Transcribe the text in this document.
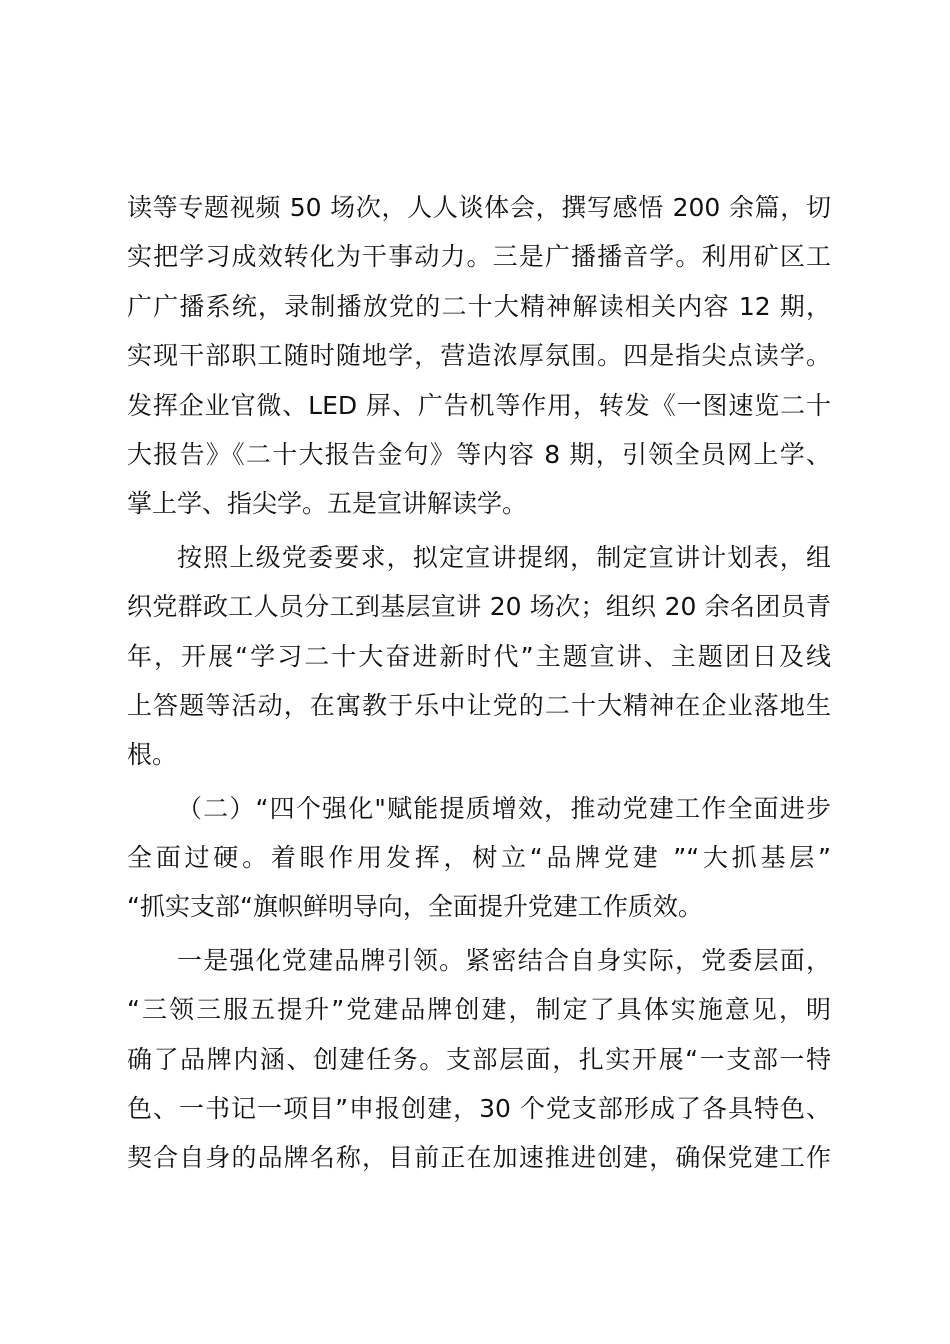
读等专题视频 50 场次，人人谈体会，撰写感悟 200 余篇，切
实把学习成效转化为干事动力。三是广播播音学。利用矿区工
广广播系统，录制播放党的二十大精神解读相关内容 12 期，
实现干部职工随时随地学，营造浓厚氛围。四是指尖点读学。
发挥企业官微、LED 屏、广告机等作用，转发《一图速览二十
大报告》《二十大报告金句》等内容 8 期，引领全员网上学、
掌上学、指尖学。五是宣讲解读学。
按照上级党委要求，拟定宣讲提纲，制定宣讲计划表，组
织党群政工人员分工到基层宣讲 20 场次；组织 20 余名团员青
年，开展“学习二十大奋进新时代”主题宣讲、主题团日及线
上答题等活动，在寓教于乐中让党的二十大精神在企业落地生
根。
（二）“四个强化"赋能提质增效，推动党建工作全面进步
全面过硬。着眼作用发挥，树立“品牌党建 ”“大抓基层”
“抓实支部“旗帜鲜明导向，全面提升党建工作质效。
一是强化党建品牌引领。紧密结合自身实际，党委层面，
“三领三服五提升”党建品牌创建，制定了具体实施意见，明
确了品牌内涵、创建任务。支部层面，扎实开展“一支部一特
色、一书记一项目”申报创建，30 个党支部形成了各具特色、
契合自身的品牌名称，目前正在加速推进创建，确保党建工作
